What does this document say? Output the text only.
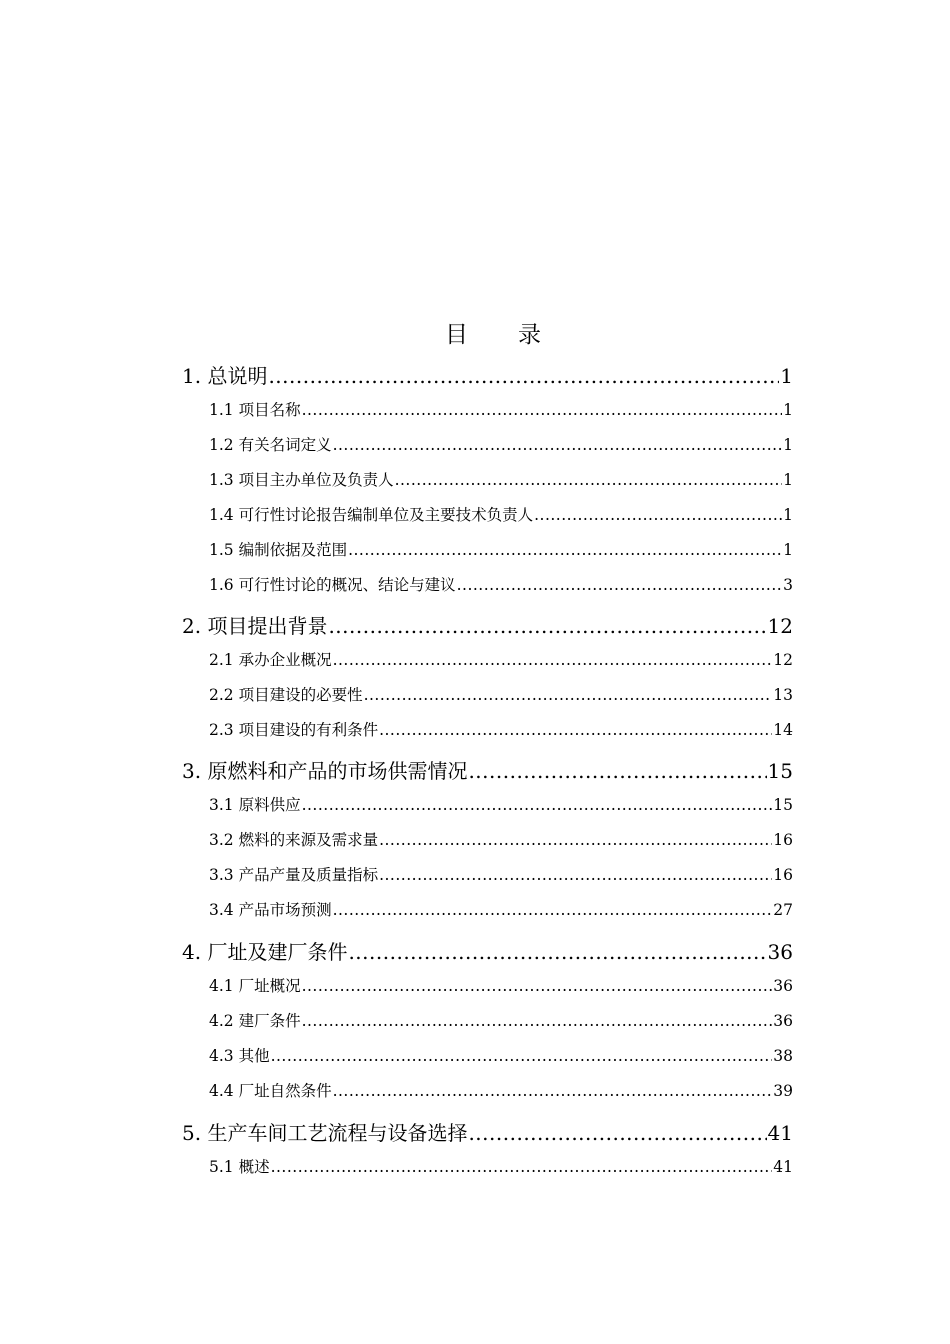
目 录
1. 总说明 .....	1
1.1 项目名称 .....	1
1.2 有关名词定义 .....	1
1.3 项目主办单位及负责人 .....	1
1.4 可行性讨论报告编制单位及主要技术负责人 .....	1
1.5 编制依据及范围 .....	1
1.6 可行性讨论的概况、结论与建议 .....	3
2. 项目提出背景 .....	12
2.1 承办企业概况 .....	12
2.2 项目建设的必要性 .....	13
2.3 项目建设的有利条件 .....	14
3. 原燃料和产品的市场供需情况 .....	15
3.1 原料供应 .....	15
3.2 燃料的来源及需求量 .....	16
3.3 产品产量及质量指标 .....	16
3.4 产品市场预测 .....	27
4. 厂址及建厂条件 .....	36
4.1 厂址概况 .....	36
4.2 建厂条件 .....	36
4.3 其他 .....	38
4.4 厂址自然条件 .....	39
5. 生产车间工艺流程与设备选择 .....	41
5.1 概述 .....	41
